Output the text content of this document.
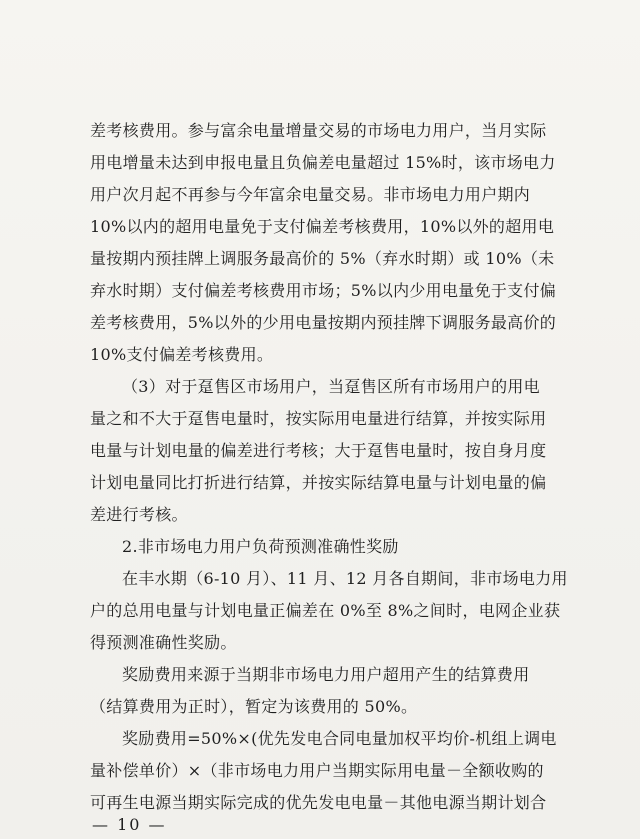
差考核费用。参与富余电量增量交易的市场电力用户，当月实际
用电增量未达到申报电量且负偏差电量超过 15%时，该市场电力
用户次月起不再参与今年富余电量交易。非市场电力用户期内
10%以内的超用电量免于支付偏差考核费用，10%以外的超用电
量按期内预挂牌上调服务最高价的 5%（弃水时期）或 10%（未
弃水时期）支付偏差考核费用市场；5%以内少用电量免于支付偏
差考核费用，5%以外的少用电量按期内预挂牌下调服务最高价的
10%支付偏差考核费用。
（3）对于趸售区市场用户，当趸售区所有市场用户的用电
量之和不大于趸售电量时，按实际用电量进行结算，并按实际用
电量与计划电量的偏差进行考核；大于趸售电量时，按自身月度
计划电量同比打折进行结算，并按实际结算电量与计划电量的偏
差进行考核。
2.非市场电力用户负荷预测准确性奖励
在丰水期（6-10 月）、11 月、12 月各自期间，非市场电力用
户的总用电量与计划电量正偏差在 0%至 8%之间时，电网企业获
得预测准确性奖励。
奖励费用来源于当期非市场电力用户超用产生的结算费用
（结算费用为正时），暂定为该费用的 50%。
奖励费用=50%×(优先发电合同电量加权平均价-机组上调电
量补偿单价）×（非市场电力用户当期实际用电量－全额收购的
可再生电源当期实际完成的优先发电电量－其他电源当期计划合
— 10 —
